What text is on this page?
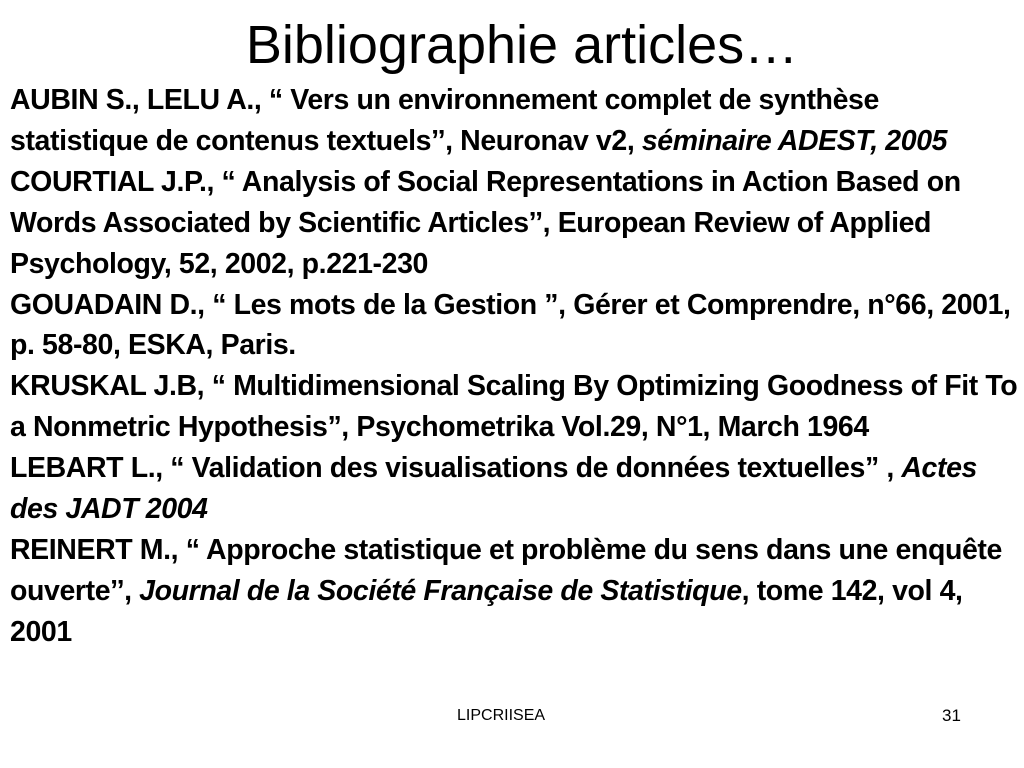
Bibliographie articles…

AUBIN S., LELU A., “ Vers un environnement complet de synthèse statistique de contenus textuels’’, Neuronav v2, séminaire ADEST, 2005

COURTIAL J.P., “ Analysis of Social Representations in Action Based on Words Associated by Scientific Articles’’, European Review of Applied Psychology, 52, 2002, p.221-230

GOUADAIN D., “ Les mots de la Gestion ”, Gérer et Comprendre, n°66, 2001, p. 58-80, ESKA, Paris.

KRUSKAL J.B, “ Multidimensional Scaling By Optimizing Goodness of Fit To a Nonmetric Hypothesis”, Psychometrika Vol.29, N°1, March 1964

LEBART L., “ Validation des visualisations de données textuelles” , Actes des JADT 2004

REINERT M., “ Approche statistique et problème du sens dans une enquête ouverte’’, Journal de la Société Française de Statistique, tome 142, vol 4, 2001

LIPCRIISEA	31
